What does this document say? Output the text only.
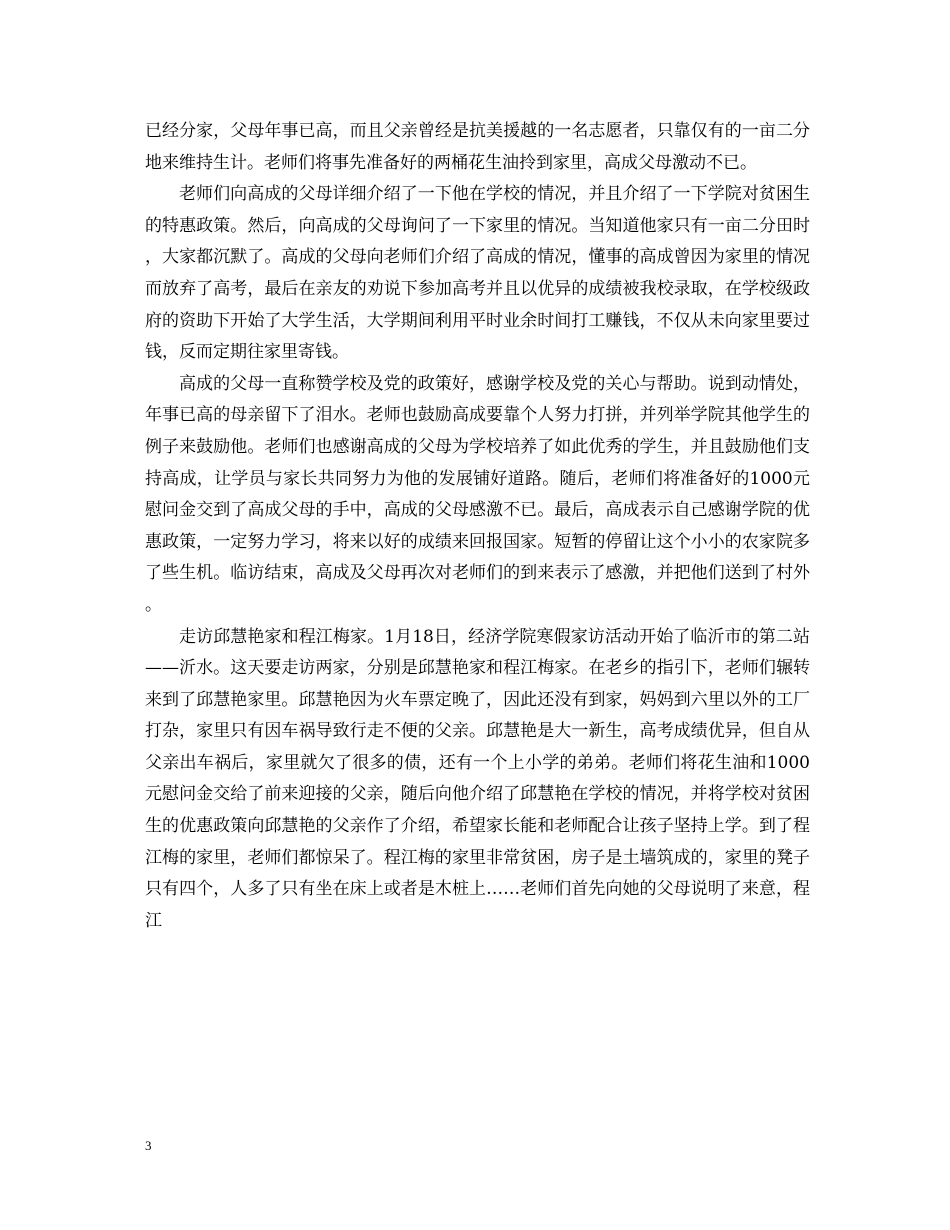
已经分家，父母年事已高，而且父亲曾经是抗美援越的一名志愿者，只靠仅有的一亩二分地来维持生计。老师们将事先准备好的两桶花生油拎到家里，高成父母激动不已。

老师们向高成的父母详细介绍了一下他在学校的情况，并且介绍了一下学院对贫困生的特惠政策。然后，向高成的父母询问了一下家里的情况。当知道他家只有一亩二分田时，大家都沉默了。高成的父母向老师们介绍了高成的情况，懂事的高成曾因为家里的情况而放弃了高考，最后在亲友的劝说下参加高考并且以优异的成绩被我校录取，在学校级政府的资助下开始了大学生活，大学期间利用平时业余时间打工赚钱，不仅从未向家里要过钱，反而定期往家里寄钱。

高成的父母一直称赞学校及党的政策好，感谢学校及党的关心与帮助。说到动情处，年事已高的母亲留下了泪水。老师也鼓励高成要靠个人努力打拼，并列举学院其他学生的例子来鼓励他。老师们也感谢高成的父母为学校培养了如此优秀的学生，并且鼓励他们支持高成，让学员与家长共同努力为他的发展铺好道路。随后，老师们将准备好的1000元慰问金交到了高成父母的手中，高成的父母感激不已。最后，高成表示自己感谢学院的优惠政策，一定努力学习，将来以好的成绩来回报国家。短暂的停留让这个小小的农家院多了些生机。临访结束，高成及父母再次对老师们的到来表示了感激，并把他们送到了村外。

走访邱慧艳家和程江梅家。1月18日，经济学院寒假家访活动开始了临沂市的第二站——沂水。这天要走访两家，分别是邱慧艳家和程江梅家。在老乡的指引下，老师们辗转来到了邱慧艳家里。邱慧艳因为火车票定晚了，因此还没有到家，妈妈到六里以外的工厂打杂，家里只有因车祸导致行走不便的父亲。邱慧艳是大一新生，高考成绩优异，但自从父亲出车祸后，家里就欠了很多的债，还有一个上小学的弟弟。老师们将花生油和1000元慰问金交给了前来迎接的父亲，随后向他介绍了邱慧艳在学校的情况，并将学校对贫困生的优惠政策向邱慧艳的父亲作了介绍，希望家长能和老师配合让孩子坚持上学。到了程江梅的家里，老师们都惊呆了。程江梅的家里非常贫困，房子是土墙筑成的，家里的凳子只有四个，人多了只有坐在床上或者是木桩上……老师们首先向她的父母说明了来意，程江

3
